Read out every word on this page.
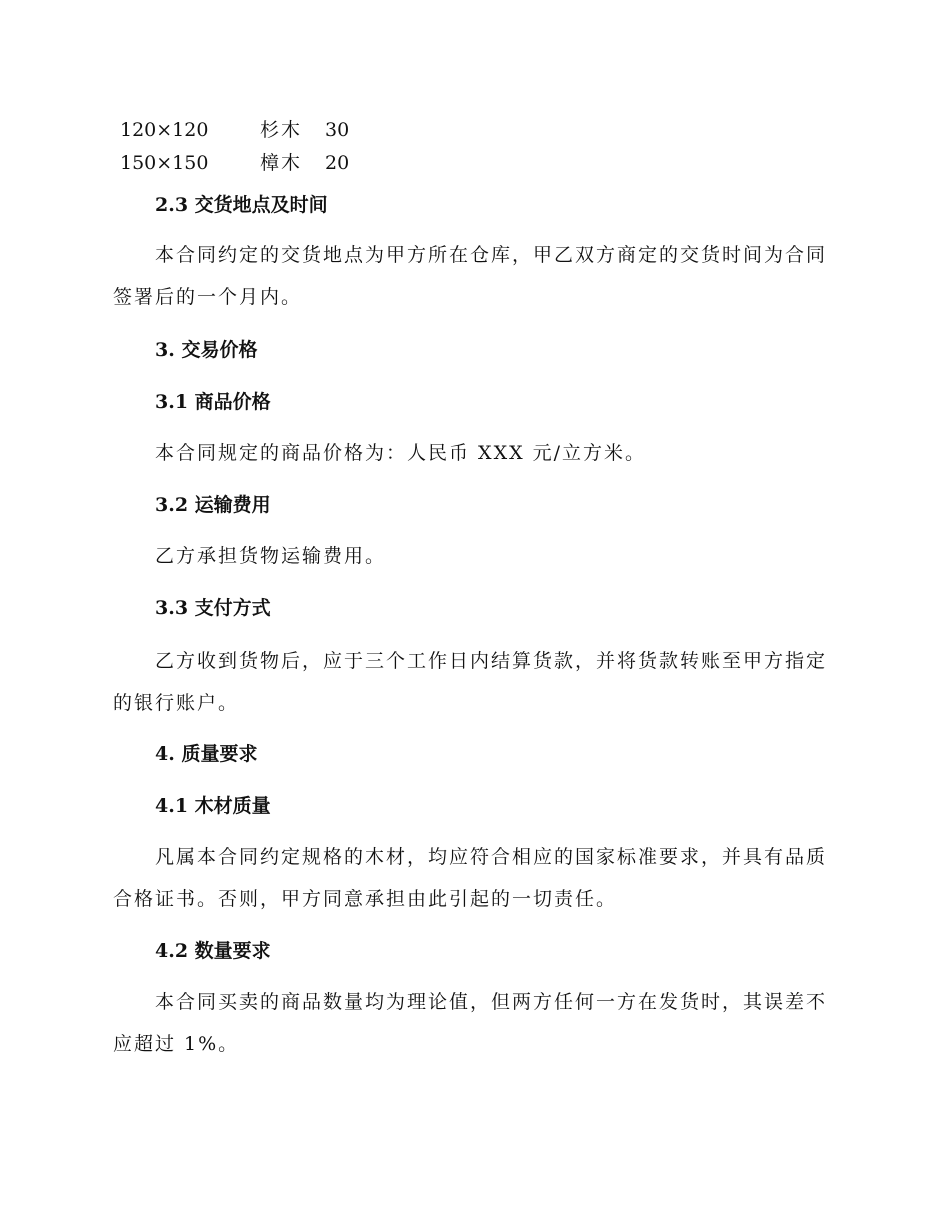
120×120	杉木 30
150×150	樟木 20
2.3 交货地点及时间

本合同约定的交货地点为甲方所在仓库，甲乙双方商定的交货时间为合同签署后的一个月内。

3. 交易价格
3.1 商品价格

本合同规定的商品价格为：人民币 XXX 元/立方米。

3.2 运输费用

乙方承担货物运输费用。

3.3 支付方式

乙方收到货物后，应于三个工作日内结算货款，并将货款转账至甲方指定的银行账户。

4. 质量要求
4.1 木材质量

凡属本合同约定规格的木材，均应符合相应的国家标准要求，并具有品质合格证书。否则，甲方同意承担由此引起的一切责任。

4.2 数量要求

本合同买卖的商品数量均为理论值，但两方任何一方在发货时，其误差不应超过 1%。
